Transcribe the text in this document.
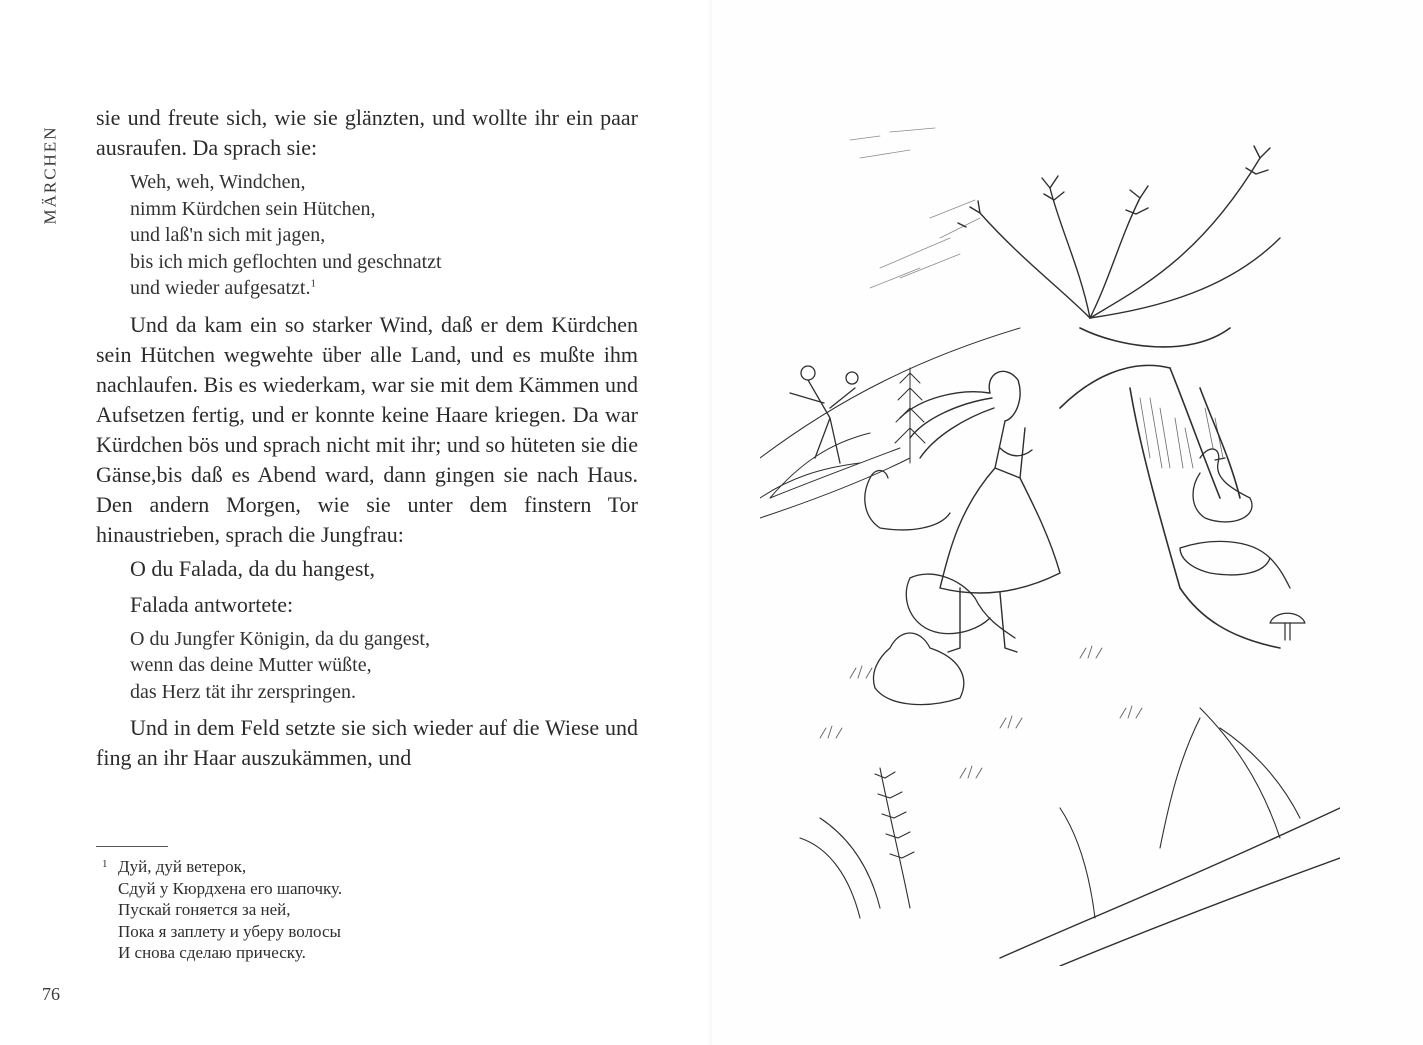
MÄRCHEN

sie und freute sich, wie sie glänzten, und wollte ihr ein paar ausraufen. Da sprach sie:

Weh, weh, Windchen,
nimm Kürdchen sein Hütchen,
und laß'n sich mit jagen,
bis ich mich geflochten und geschnatzt
und wieder aufgesatzt.$^1$

Und da kam ein so starker Wind, daß er dem Kürdchen sein Hütchen wegwehte über alle Land, und es mußte ihm nachlaufen. Bis es wiederkam, war sie mit dem Kämmen und Aufsetzen fertig, und er konnte keine Haare kriegen. Da war Kürdchen bös und sprach nicht mit ihr; und so hüteten sie die Gänse,bis daß es Abend ward, dann gingen sie nach Haus. Den andern Morgen, wie sie unter dem finstern Tor hinaustrieben, sprach die Jungfrau:

O du Falada, da du hangest,
Falada antwortete:
O du Jungfer Königin, da du gangest,
wenn das deine Mutter wüßte,
das Herz tät ihr zerspringen.

Und in dem Feld setzte sie sich wieder auf die Wiese und fing an ihr Haar auszukämmen, und

1 Дуй, дуй ветерок,
Сдуй у Кюрдхена его шапочку.
Пускай гоняется за ней,
Пока я заплету и уберу волосы
И снова сделаю прическу.
76
